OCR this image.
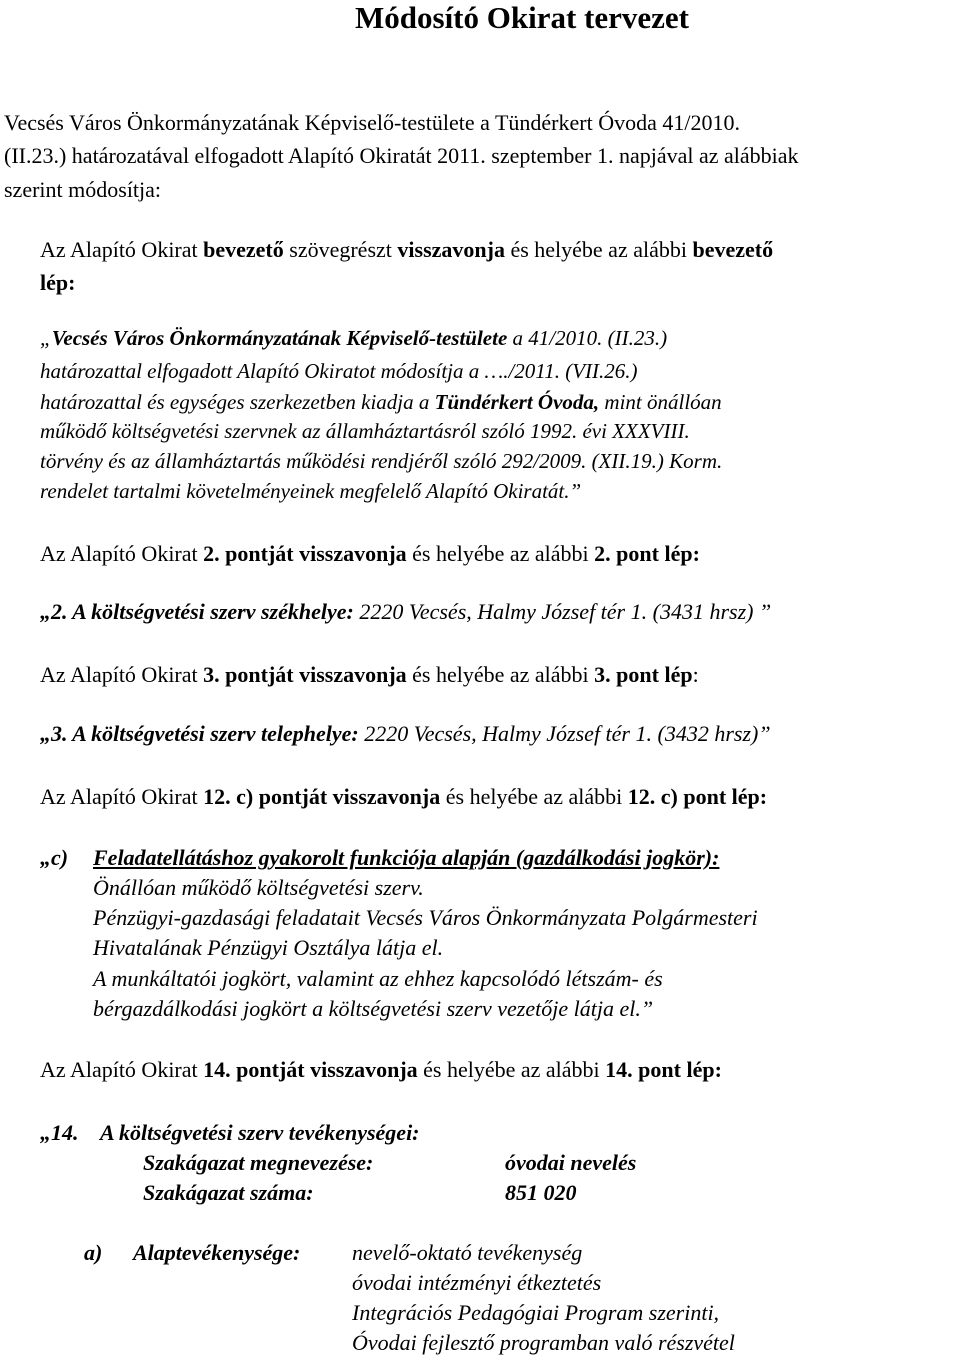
Módosító Okirat tervezet
Vecsés Város Önkormányzatának Képviselő-testülete a Tündérkert Óvoda 41/2010.
(II.23.) határozatával elfogadott Alapító Okiratát 2011. szeptember 1. napjával az alábbiak
szerint módosítja:
Az Alapító Okirat bevezető szövegrészt visszavonja és helyébe az alábbi bevezető
lép:
„Vecsés Város Önkormányzatának Képviselő-testülete a 41/2010. (II.23.)
határozattal elfogadott Alapító Okiratot módosítja a …./2011. (VII.26.)
határozattal és egységes szerkezetben kiadja a Tündérkert Óvoda, mint önállóan
működő költségvetési szervnek az államháztartásról szóló 1992. évi XXXVIII.
törvény és az államháztartás működési rendjéről szóló 292/2009. (XII.19.) Korm.
rendelet tartalmi követelményeinek megfelelő Alapító Okiratát.”
Az Alapító Okirat 2. pontját visszavonja és helyébe az alábbi 2. pont lép:
„2. A költségvetési szerv székhelye: 2220 Vecsés, Halmy József tér 1. (3431 hrsz) ”
Az Alapító Okirat 3. pontját visszavonja és helyébe az alábbi 3. pont lép:
„3. A költségvetési szerv telephelye: 2220 Vecsés, Halmy József tér 1. (3432 hrsz)”
Az Alapító Okirat 12. c) pontját visszavonja és helyébe az alábbi 12. c) pont lép:
„c) Feladatellátáshoz gyakorolt funkciója alapján (gazdálkodási jogkör):
Önállóan működő költségvetési szerv.
Pénzügyi-gazdasági feladatait Vecsés Város Önkormányzata Polgármesteri
Hivatalának Pénzügyi Osztálya látja el.
A munkáltatói jogkört, valamint az ehhez kapcsolódó létszám- és
bérgazdálkodási jogkört a költségvetési szerv vezetője látja el.”
Az Alapító Okirat 14. pontját visszavonja és helyébe az alábbi 14. pont lép:
„14. A költségvetési szerv tevékenységei:
Szakágazat megnevezése:	óvodai nevelés
Szakágazat száma:	851 020
a) Alaptevékenysége: nevelő-oktató tevékenység
óvodai intézményi étkeztetés
Integrációs Pedagógiai Program szerinti,
Óvodai fejlesztő programban való részvétel
